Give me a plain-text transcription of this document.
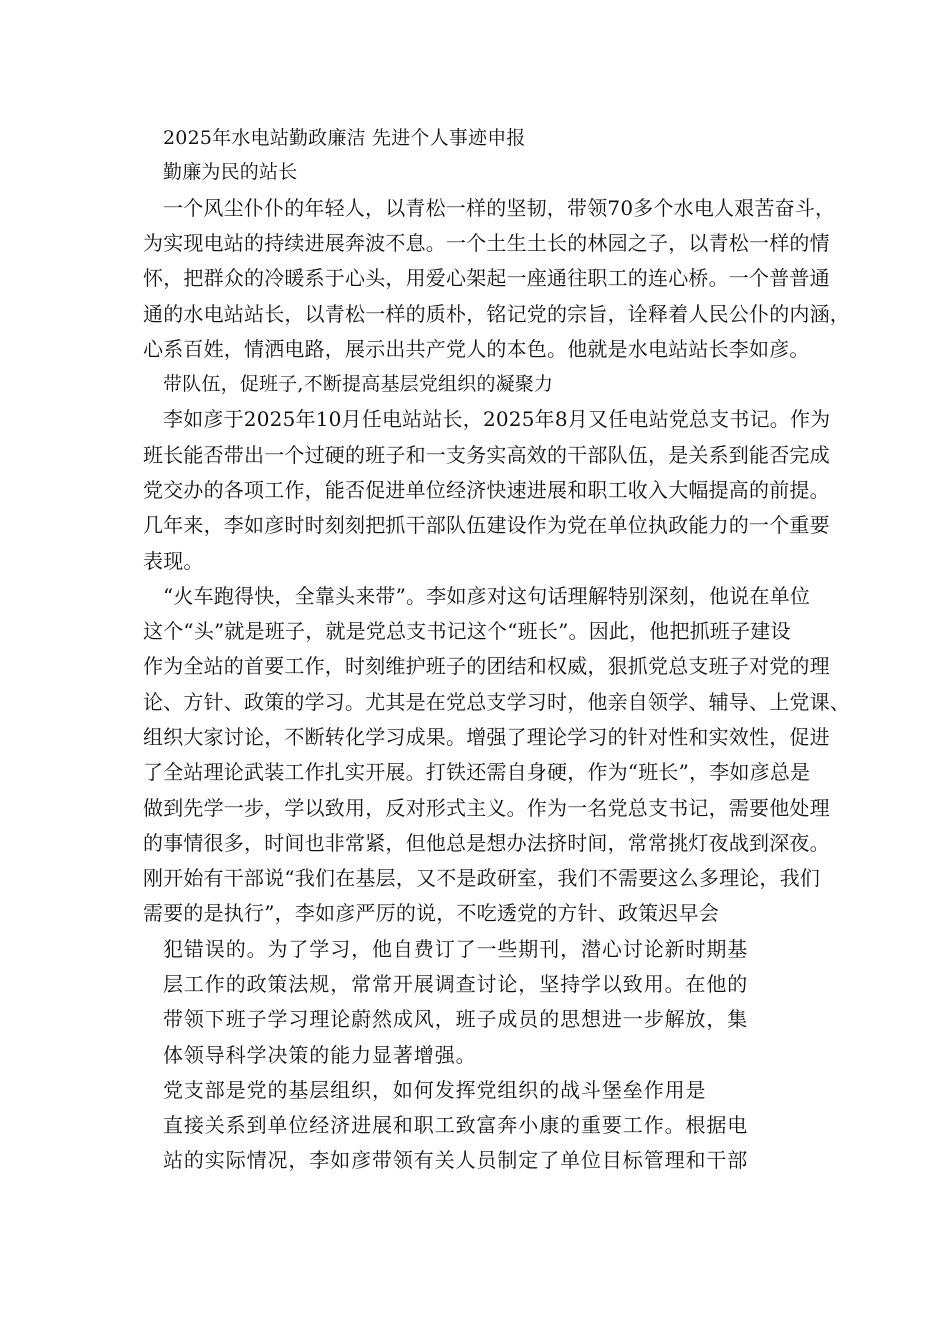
2025年水电站勤政廉洁 先进个人事迹申报

勤廉为民的站长

一个风尘仆仆的年轻人，以青松一样的坚韧，带领70多个水电人艰苦奋斗，

为实现电站的持续进展奔波不息。一个土生土长的林园之子，以青松一样的情

怀，把群众的冷暖系于心头，用爱心架起一座通往职工的连心桥。一个普普通

通的水电站站长，以青松一样的质朴，铭记党的宗旨，诠释着人民公仆的内涵，

心系百姓，情洒电路，展示出共产党人的本色。他就是水电站站长李如彦。

带队伍，促班子,不断提高基层党组织的凝聚力

李如彦于2025年10月任电站站长，2025年8月又任电站党总支书记。作为

班长能否带出一个过硬的班子和一支务实高效的干部队伍，是关系到能否完成

党交办的各项工作，能否促进单位经济快速进展和职工收入大幅提高的前提。

几年来，李如彦时时刻刻把抓干部队伍建设作为党在单位执政能力的一个重要

表现。

“火车跑得快，全靠头来带”。李如彦对这句话理解特别深刻，他说在单位

这个“头”就是班子，就是党总支书记这个“班长”。因此，他把抓班子建设

作为全站的首要工作，时刻维护班子的团结和权威，狠抓党总支班子对党的理

论、方针、政策的学习。尤其是在党总支学习时，他亲自领学、辅导、上党课、

组织大家讨论，不断转化学习成果。增强了理论学习的针对性和实效性，促进

了全站理论武装工作扎实开展。打铁还需自身硬，作为“班长”，李如彦总是

做到先学一步，学以致用，反对形式主义。作为一名党总支书记，需要他处理

的事情很多，时间也非常紧，但他总是想办法挤时间，常常挑灯夜战到深夜。

刚开始有干部说“我们在基层，又不是政研室，我们不需要这么多理论，我们

需要的是执行”，李如彦严厉的说，不吃透党的方针、政策迟早会

犯错误的。为了学习，他自费订了一些期刊，潜心讨论新时期基

层工作的政策法规，常常开展调查讨论，坚持学以致用。在他的

带领下班子学习理论蔚然成风，班子成员的思想进一步解放，集

体领导科学决策的能力显著增强。

党支部是党的基层组织，如何发挥党组织的战斗堡垒作用是

直接关系到单位经济进展和职工致富奔小康的重要工作。根据电

站的实际情况，李如彦带领有关人员制定了单位目标管理和干部
